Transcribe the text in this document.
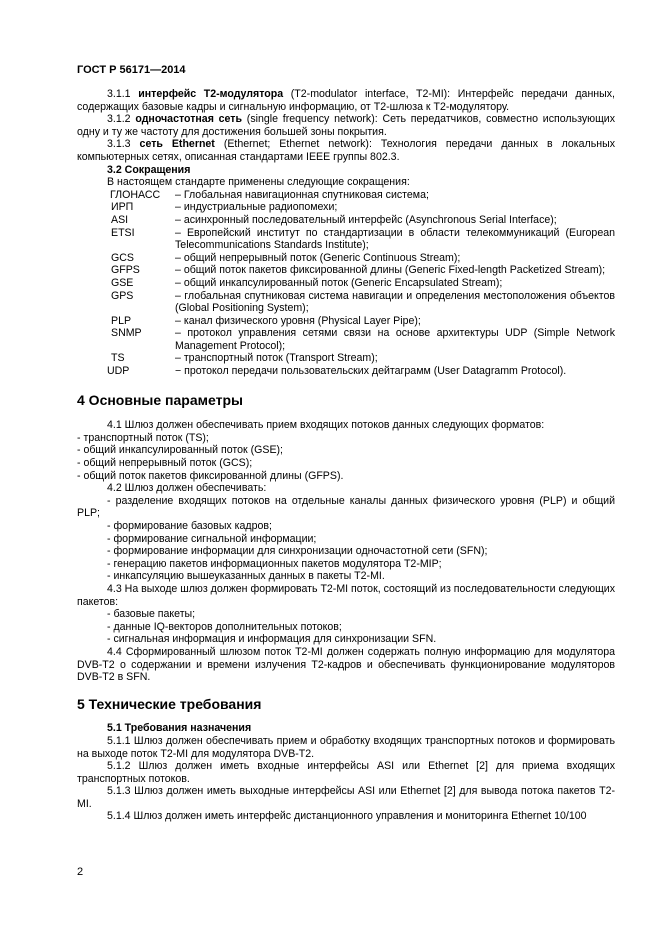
ГОСТ Р 56171—2014

3.1.1 интерфейс Т2-модулятора (T2-modulator interface, T2-MI): Интерфейс передачи данных, содержащих базовые кадры и сигнальную информацию, от Т2-шлюза к Т2-модулятору.

3.1.2 одночастотная сеть (single frequency network): Сеть передатчиков, совместно использующих одну и ту же частоту для достижения большей зоны покрытия.

3.1.3 сеть Ethernet (Ethernet; Ethernet network): Технология передачи данных в локальных компьютерных сетях, описанная стандартами IEEE группы 802.3.

3.2 Сокращения
В настоящем стандарте применены следующие сокращения:
ГЛОНАСС	– Глобальная навигационная спутниковая система;
ИРП	– индустриальные радиопомехи;
ASI	– асинхронный последовательный интерфейс (Asynchronous Serial Interface);
ETSI	– Европейский институт по стандартизации в области телекоммуникаций (European Telecommunications Standards Institute);
GCS	– общий непрерывный поток (Generic Continuous Stream);
GFPS	– общий поток пакетов фиксированной длины (Generic Fixed-length Packetized Stream);
GSE	– общий инкапсулированный поток (Generic Encapsulated Stream);
GPS	– глобальная спутниковая система навигации и определения местоположения объектов (Global Positioning System);
PLP	– канал физического уровня (Physical Layer Pipe);
SNMP	– протокол управления сетями связи на основе архитектуры UDP (Simple Network Management Protocol);
TS	– транспортный поток (Transport Stream);
UDP	− протокол передачи пользовательских дейтаграмм (User Datagramm Protocol).
4 Основные параметры

4.1 Шлюз должен обеспечивать прием входящих потоков данных следующих форматов:

- транспортный поток (TS);

- общий инкапсулированный поток (GSE);

- общий непрерывный поток (GCS);

- общий поток пакетов фиксированной длины (GFPS).

4.2 Шлюз должен обеспечивать:

- разделение входящих потоков на отдельные каналы данных физического уровня (PLP) и общий PLP;

- формирование базовых кадров;

- формирование сигнальной информации;

- формирование информации для синхронизации одночастотной сети (SFN);

- генерацию пакетов информационных пакетов модулятора Т2-MIP;

- инкапсуляцию вышеуказанных данных в пакеты Т2-MI.

4.3 На выходе шлюз должен формировать Т2-MI поток, состоящий из последовательности следующих пакетов:

- базовые пакеты;

- данные IQ-векторов дополнительных потоков;

- сигнальная информация и информация для синхронизации SFN.

4.4 Сформированный шлюзом поток Т2-MI должен содержать полную информацию для модулятора DVB-T2 о содержании и времени излучения Т2-кадров и обеспечивать функционирование модуляторов DVB-T2 в SFN.

5 Технические требования
5.1 Требования назначения

5.1.1 Шлюз должен обеспечивать прием и обработку входящих транспортных потоков и формировать на выходе поток Т2-MI для модулятора DVB-T2.

5.1.2 Шлюз должен иметь входные интерфейсы ASI или Ethernet [2] для приема входящих транспортных потоков.

5.1.3 Шлюз должен иметь выходные интерфейсы ASI или Ethernet [2] для вывода потока пакетов Т2-MI.

5.1.4 Шлюз должен иметь интерфейс дистанционного управления и мониторинга Ethernet 10/100

2
